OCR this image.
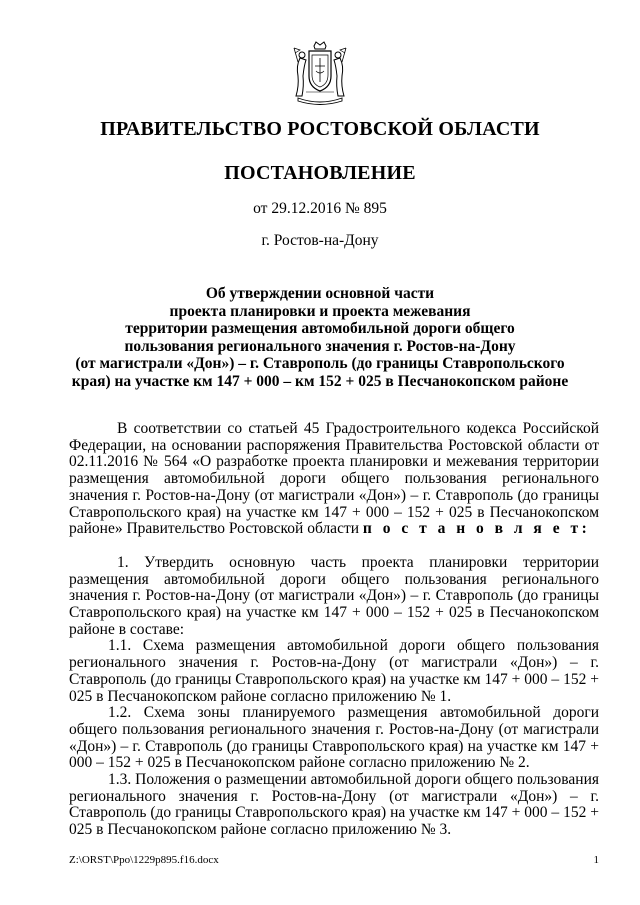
ПРАВИТЕЛЬСТВО РОСТОВСКОЙ ОБЛАСТИ
ПОСТАНОВЛЕНИЕ
от 29.12.2016 № 895
г. Ростов-на-Дону
Об утверждении основной части
проекта планировки и проекта межевания
территории размещения автомобильной дороги общего
пользования регионального значения г. Ростов-на-Дону
(от магистрали «Дон») – г. Ставрополь (до границы Ставропольского
края) на участке км 147 + 000 – км 152 + 025 в Песчанокопском районе

В соответствии со статьей 45 Градостроительного кодекса Российской Федерации, на основании распоряжения Правительства Ростовской области от 02.11.2016 № 564 «О разработке проекта планировки и межевания территории размещения автомобильной дороги общего пользования регионального значения г. Ростов-на-Дону (от магистрали «Дон») – г. Ставрополь (до границы Ставропольского края) на участке км 147 + 000 – 152 + 025 в Песчанокопском районе» Правительство Ростовской области п о с т а н о в л я е т:

1. Утвердить основную часть проекта планировки территории размещения автомобильной дороги общего пользования регионального значения г. Ростов-на-Дону (от магистрали «Дон») – г. Ставрополь (до границы Ставропольского края) на участке км 147 + 000 – 152 + 025 в Песчанокопском районе в составе:

1.1. Схема размещения автомобильной дороги общего пользования регионального значения г. Ростов-на-Дону (от магистрали «Дон») – г. Ставрополь (до границы Ставропольского края) на участке км 147 + 000 – 152 + 025 в Песчанокопском районе согласно приложению № 1.

1.2. Схема зоны планируемого размещения автомобильной дороги общего пользования регионального значения г. Ростов-на-Дону (от магистрали «Дон») – г. Ставрополь (до границы Ставропольского края) на участке км 147 + 000 – 152 + 025 в Песчанокопском районе согласно приложению № 2.

1.3. Положения о размещении автомобильной дороги общего пользования регионального значения г. Ростов-на-Дону (от магистрали «Дон») – г. Ставрополь (до границы Ставропольского края) на участке км 147 + 000 – 152 + 025 в Песчанокопском районе согласно приложению № 3.

Z:\ORST\Ppo\1229p895.f16.docx	1
